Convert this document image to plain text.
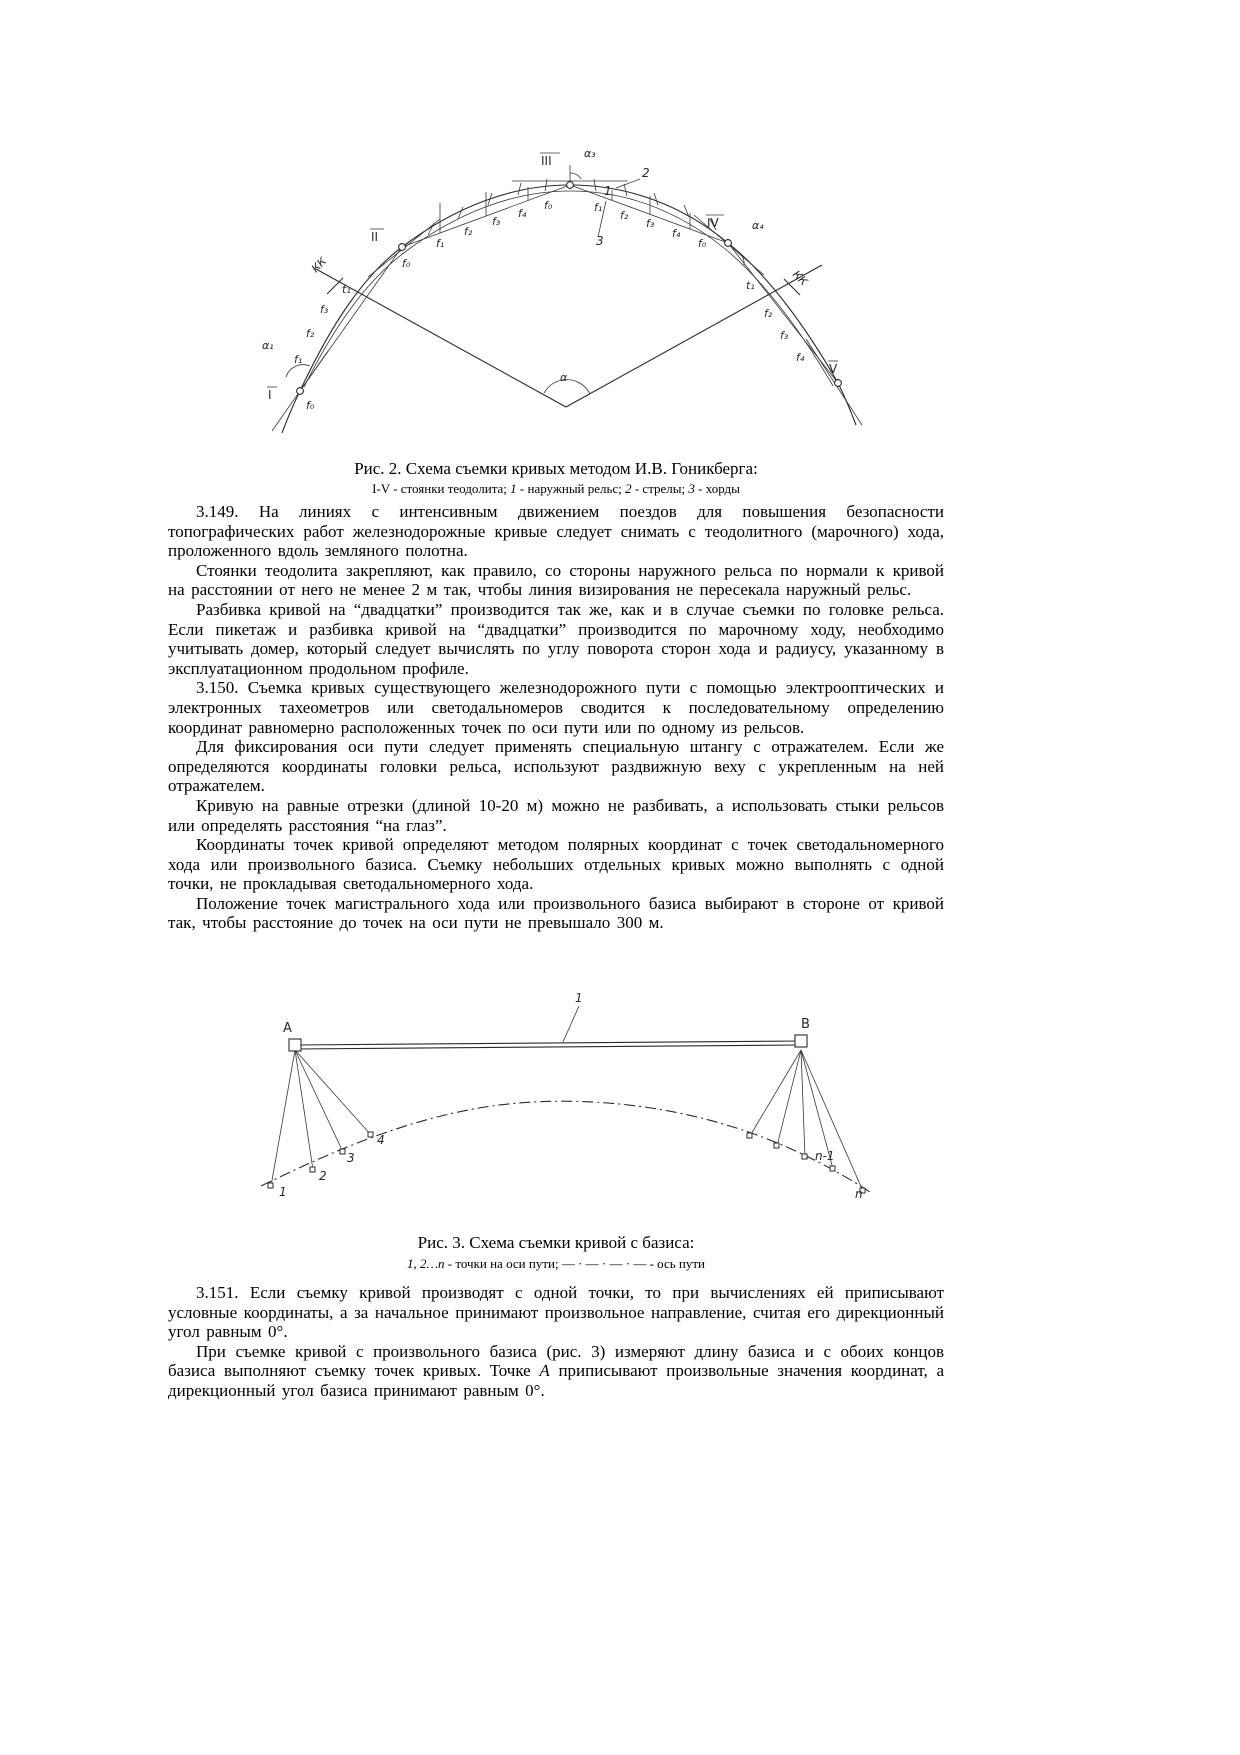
I
II
III
IV
V
α₁
α₃
α₄
α
КК
КК
f₀
f₁
f₂
f₃
t₁
f₀
f₁
f₂
f₃
f₄
f₀	f₁
f₂
f₃
f₄
f₀
t₁
f₂
f₃
f₄
1
2
3
Рис. 2. Схема съемки кривых методом И.В. Гоникберга:
I-V - стоянки теодолита; 1 - наружный рельс; 2 - стрелы; 3 - хорды

3.149. На линиях с интенсивным движением поездов для повышения безопасности топографических работ железнодорожные кривые следует снимать с теодолитного (марочного) хода, проложенного вдоль земляного полотна.

Стоянки теодолита закрепляют, как правило, со стороны наружного рельса по нормали к кривой на расстоянии от него не менее 2 м так, чтобы линия визирования не пересекала наружный рельс.

Разбивка кривой на “двадцатки” производится так же, как и в случае съемки по головке рельса. Если пикетаж и разбивка кривой на “двадцатки” производится по марочному ходу, необходимо учитывать домер, который следует вычислять по углу поворота сторон хода и радиусу, указанному в эксплуатационном продольном профиле.

3.150. Съемка кривых существующего железнодорожного пути с помощью электрооптических и электронных тахеометров или светодальномеров сводится к последовательному определению координат равномерно расположенных точек по оси пути или по одному из рельсов.

Для фиксирования оси пути следует применять специальную штангу с отражателем. Если же определяются координаты головки рельса, используют раздвижную веху с укрепленным на ней отражателем.

Кривую на равные отрезки (длиной 10-20 м) можно не разбивать, а использовать стыки рельсов или определять расстояния “на глаз”.

Координаты точек кривой определяют методом полярных координат с точек светодальномерного хода или произвольного базиса. Съемку небольших отдельных кривых можно выполнять с одной точки, не прокладывая светодальномерного хода.

Положение точек магистрального хода или произвольного базиса выбирают в стороне от кривой так, чтобы расстояние до точек на оси пути не превышало 300 м.

A	B
1
1
2
3
4
n-1
n
Рис. 3. Схема съемки кривой с базиса:
1, 2…n - точки на оси пути; — · — · — · — - ось пути

3.151. Если съемку кривой производят с одной точки, то при вычислениях ей приписывают условные координаты, а за начальное принимают произвольное направление, считая его дирекционный угол равным 0°.

При съемке кривой с произвольного базиса (рис. 3) измеряют длину базиса и с обоих концов базиса выполняют съемку точек кривых. Точке А приписывают произвольные значения координат, а дирекционный угол базиса принимают равным 0°.
